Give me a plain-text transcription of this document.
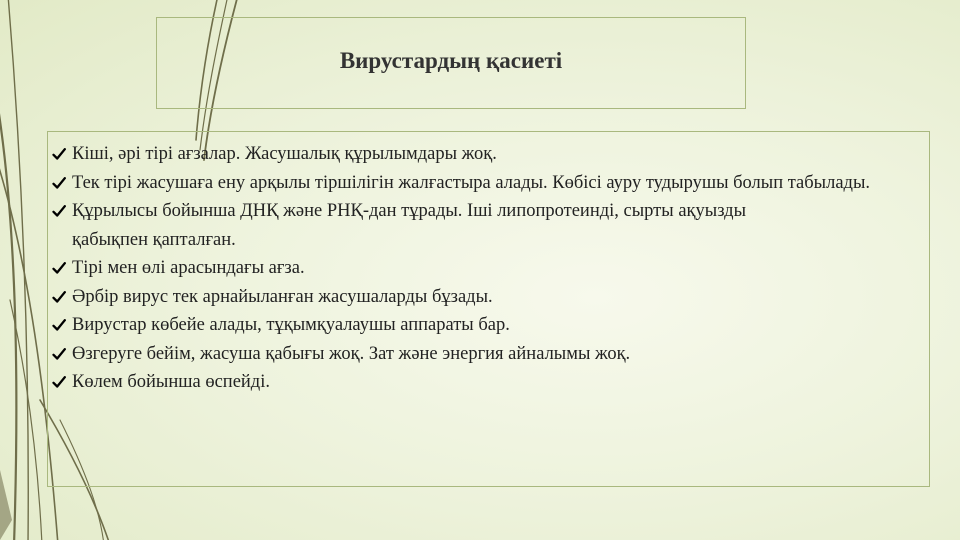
Вирустардың қасиеті
Кіші, әрі тірі ағзалар. Жасушалық құрылымдары жоқ.
Тек тірі жасушаға ену арқылы тіршілігін жалғастыра алады. Көбісі ауру тудырушы болып табылады.
Құрылысы бойынша ДНҚ және РНҚ-дан тұрады. Іші липопротеинді, сырты ақуызды қабықпен қапталған.
Тірі мен өлі арасындағы ағза.
Әрбір вирус тек арнайыланған жасушаларды бұзады.
Вирустар көбейе алады, тұқымқуалаушы аппараты бар.
Өзгеруге бейім, жасуша қабығы жоқ. Зат және энергия айналымы жоқ.
Көлем бойынша өспейді.
